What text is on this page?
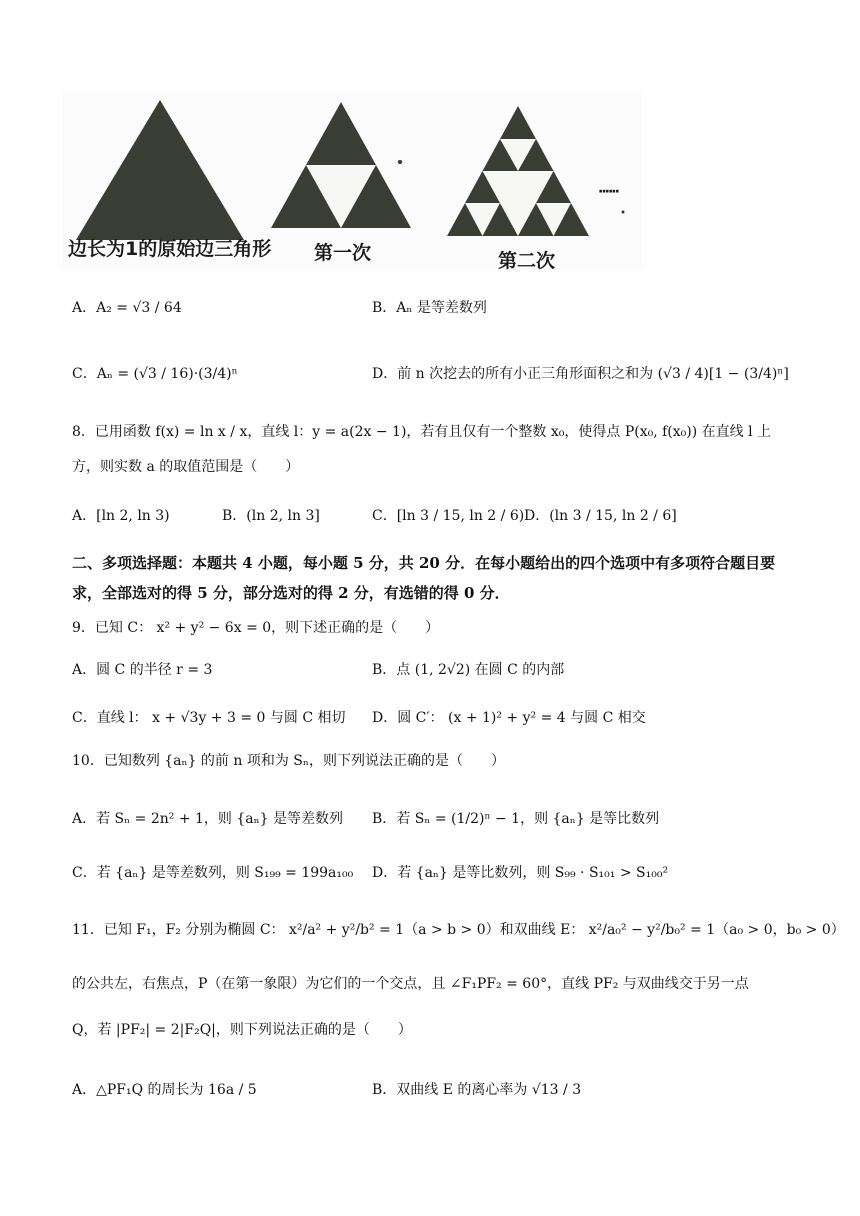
边长为1的原始边三角形 第一次	第二次
······
A．A₂ = √3 / 64	B．Aₙ 是等差数列
C．Aₙ = (√3 / 16)·(3/4)ⁿ	D．前 n 次挖去的所有小正三角形面积之和为 (√3 / 4)[1 − (3/4)ⁿ]
8．已用函数 f(x) = ln x / x，直线 l：y = a(2x − 1)，若有且仅有一个整数 x₀，使得点 P(x₀, f(x₀)) 在直线 l 上
方，则实数 a 的取值范围是（　　）
A．[ln 2, ln 3)	B．(ln 2, ln 3]	C．[ln 3 / 15, ln 2 / 6) D．(ln 3 / 15, ln 2 / 6]
二、多项选择题：本题共 4 小题，每小题 5 分，共 20 分．在每小题给出的四个选项中有多项符合题目要求，全部选对的得 5 分，部分选对的得 2 分，有选错的得 0 分．
9．已知 C： x² + y² − 6x = 0，则下述正确的是（　　）
A．圆 C 的半径 r = 3	B．点 (1, 2√2) 在圆 C 的内部
C．直线 l： x + √3y + 3 = 0 与圆 C 相切 D．圆 C′： (x + 1)² + y² = 4 与圆 C 相交
10．已知数列 {aₙ} 的前 n 项和为 Sₙ，则下列说法正确的是（　　）
A．若 Sₙ = 2n² + 1，则 {aₙ} 是等差数列 B．若 Sₙ = (1/2)ⁿ − 1，则 {aₙ} 是等比数列
C．若 {aₙ} 是等差数列，则 S₁₉₉ = 199a₁₀₀ D．若 {aₙ} 是等比数列，则 S₉₉ · S₁₀₁ > S₁₀₀²
11．已知 F₁，F₂ 分别为椭圆 C： x²/a² + y²/b² = 1（a > b > 0）和双曲线 E： x²/a₀² − y²/b₀² = 1（a₀ > 0，b₀ > 0）
的公共左，右焦点，P（在第一象限）为它们的一个交点，且 ∠F₁PF₂ = 60°，直线 PF₂ 与双曲线交于另一点
Q，若 |PF₂| = 2|F₂Q|，则下列说法正确的是（　　）
A．△PF₁Q 的周长为 16a / 5	B．双曲线 E 的离心率为 √13 / 3
